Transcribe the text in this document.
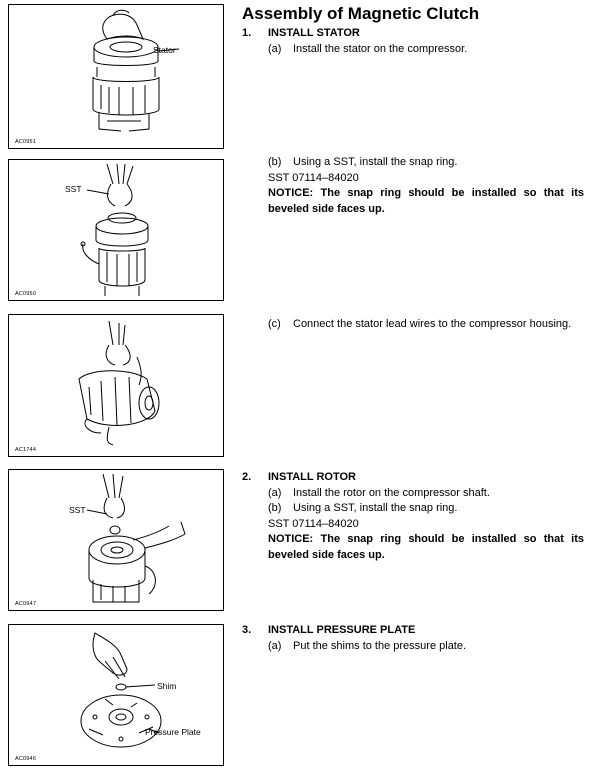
Assembly of Magnetic Clutch
Stator
AC0951
SST
AC0950
AC1744
SST
AC0947
Shim
Pressure Plate
AC0946
1.	INSTALL STATOR
(a)	Install the stator on the compressor.
(b)	Using a SST, install the snap ring.
SST 07114–84020
NOTICE: The snap ring should be installed so that its beveled side faces up.
(c)	Connect the stator lead wires to the compressor housing.
2.	INSTALL ROTOR
(a)	Install the rotor on the compressor shaft.
(b)	Using a SST, install the snap ring.
SST 07114–84020
NOTICE: The snap ring should be installed so that its beveled side faces up.
3.	INSTALL PRESSURE PLATE
(a)	Put the shims to the pressure plate.
